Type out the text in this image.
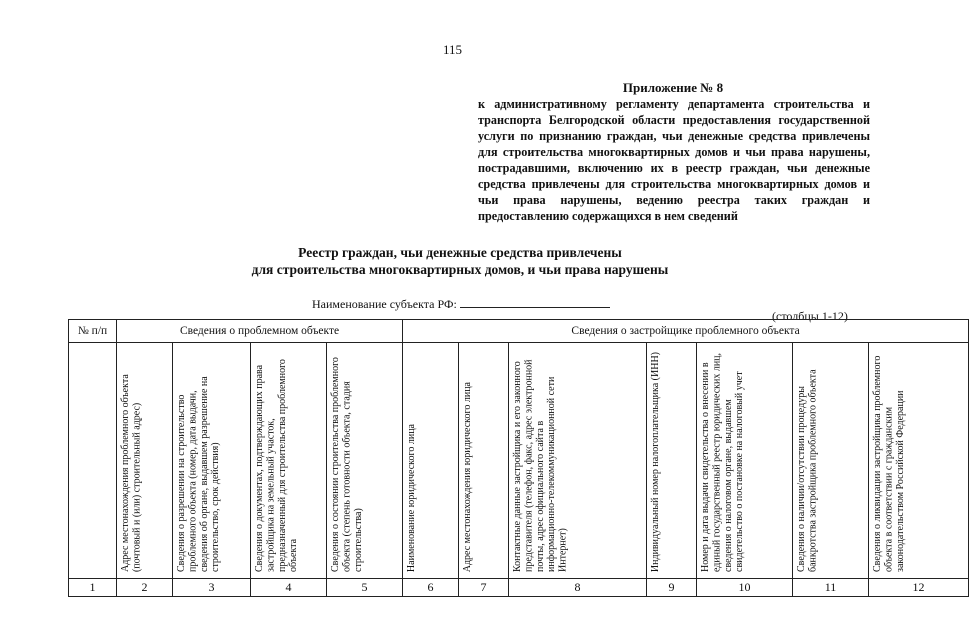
115
Приложение № 8
к административному регламенту департамента строительства и транспорта Белгородской области предоставления государственной услуги по признанию граждан, чьи денежные средства привлечены для строительства многоквартирных домов и чьи права нарушены, пострадавшими, включению их в реестр граждан, чьи денежные средства привлечены для строительства многоквартирных домов и чьи права нарушены, ведению реестра таких граждан и предоставлению содержащихся в нем сведений
Реестр граждан, чьи денежные средства привлечены
для строительства многоквартирных домов, и чьи права нарушены
Наименование субъекта РФ:
(столбцы 1-12)
№ п/п	Сведения о проблемном объекте				Сведения о застройщике проблемного объекта						

	Адрес местонахождения проблемного объекта (почтовый и (или) строительный адрес)	Сведения о разрешении на строительство проблемного объекта (номер, дата выдачи, сведения об органе, выдавшем разрешение на строительство, срок действия)	Сведения о документах, подтверждающих права застройщика на земельный участок, предназначенный для строительства проблемного объекта	Сведения о состоянии строительства проблемного объекта (степень готовности объекта, стадия строительства)	Наименование юридического лица	Адрес местонахождения юридического лица	Контактные данные застройщика и его законного представителя (телефон, факс, адрес электронной почты, адрес официального сайта в информационно-телекоммуникационной сети Интернет)	Индивидуальный номер налогоплательщика (ИНН)	Номер и дата выдачи свидетельства о внесении в единый государственный реестр юридических лиц, сведения о налоговом органе, выдавшем свидетельство о постановке на налоговый учет	Сведения о наличии/отсутствии процедуры банкротства застройщика проблемного объекта	Сведения о ликвидации застройщика проблемного объекта в соответствии с гражданским законодательством Российской Федерации

1	2	3	4	5	6	7	8	9	10	11	12
